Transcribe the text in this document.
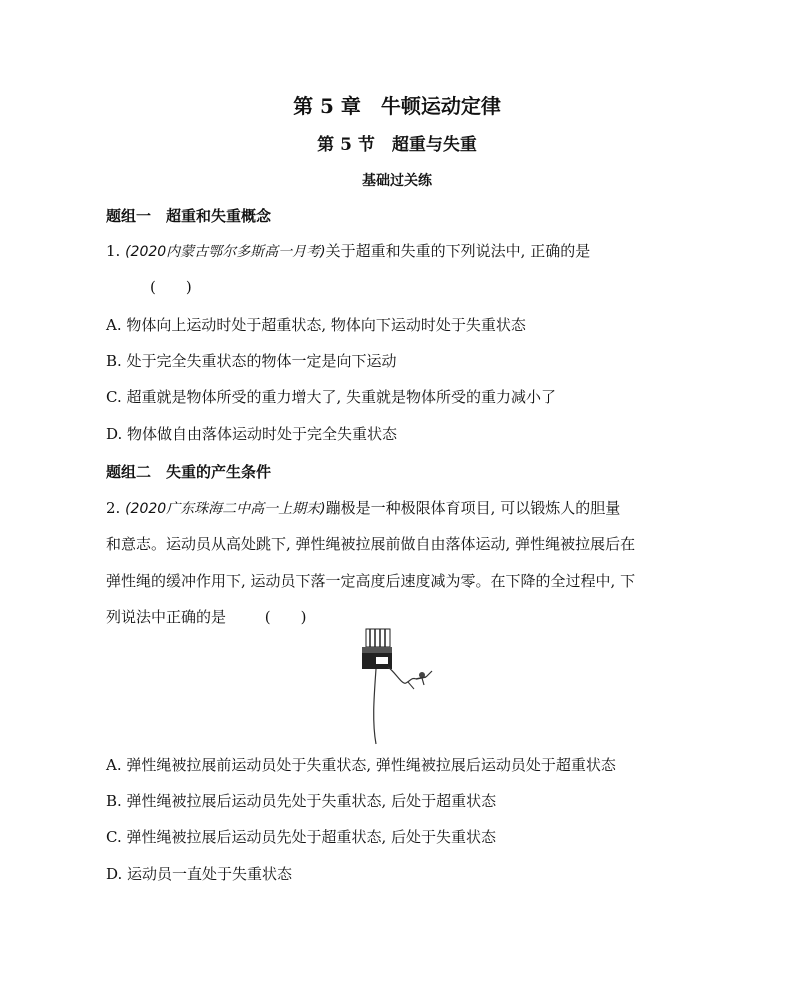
第 5 章　牛顿运动定律
第 5 节　超重与失重
基础过关练
题组一　超重和失重概念
1. (2020内蒙古鄂尔多斯高一月考)关于超重和失重的下列说法中, 正确的是
(　　)
A. 物体向上运动时处于超重状态, 物体向下运动时处于失重状态
B. 处于完全失重状态的物体一定是向下运动
C. 超重就是物体所受的重力增大了, 失重就是物体所受的重力减小了
D. 物体做自由落体运动时处于完全失重状态
题组二　失重的产生条件
2. (2020广东珠海二中高一上期末)蹦极是一种极限体育项目, 可以锻炼人的胆量
和意志。运动员从高处跳下, 弹性绳被拉展前做自由落体运动, 弹性绳被拉展后在
弹性绳的缓冲作用下, 运动员下落一定高度后速度减为零。在下降的全过程中, 下
列说法中正确的是	(　　)
A. 弹性绳被拉展前运动员处于失重状态, 弹性绳被拉展后运动员处于超重状态
B. 弹性绳被拉展后运动员先处于失重状态, 后处于超重状态
C. 弹性绳被拉展后运动员先处于超重状态, 后处于失重状态
D. 运动员一直处于失重状态
